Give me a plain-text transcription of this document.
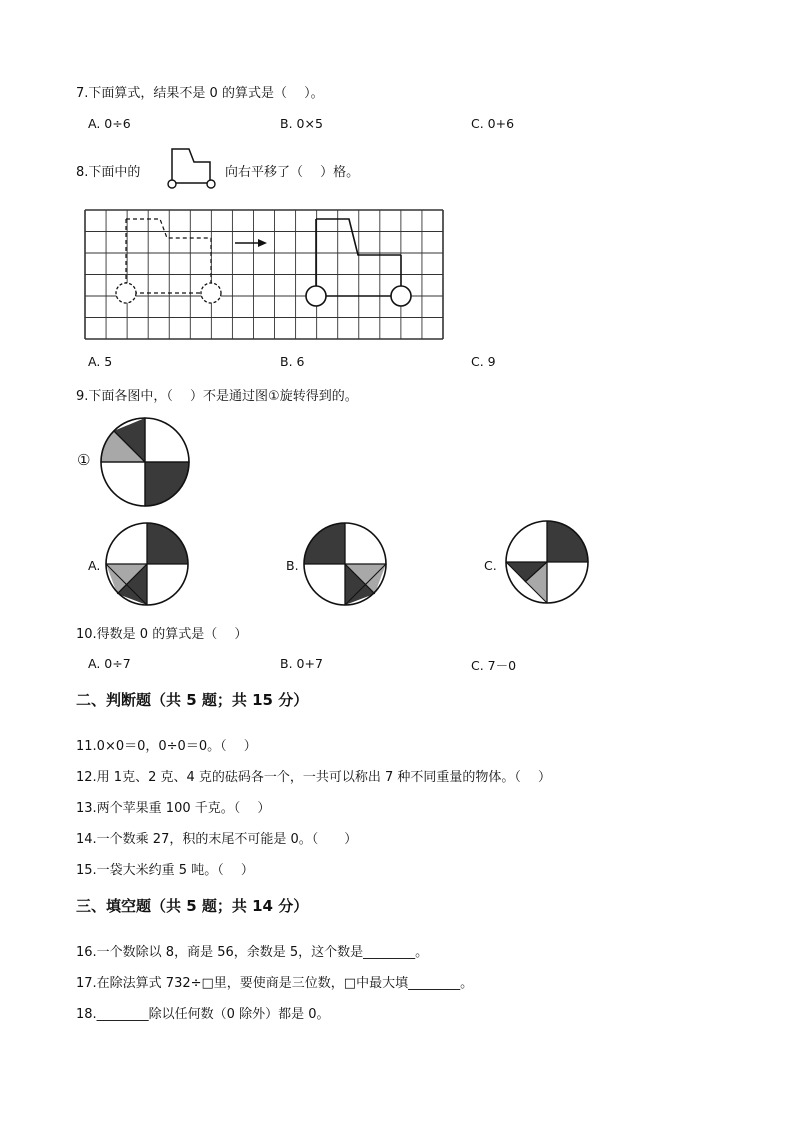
7.下面算式，结果不是 0 的算式是（　 ）。
A. 0÷6	B. 0×5	C. 0+6
8.下面中的	向右平移了（　 ）格。
A. 5	B. 6	C. 9
9.下面各图中，（　 ）不是通过图①旋转得到的。
①
A.	B.	C.
10.得数是 0 的算式是（　 ）
A. 0÷7	B. 0+7	C. 7－0
二、判断题（共 5 题；共 15 分）
11.0×0＝0，0÷0＝0。（　 ）
12.用 1克、2 克、4 克的砝码各一个，一共可以称出 7 种不同重量的物体。（　 ）
13.两个苹果重 100 千克。（　 ）
14.一个数乘 27，积的末尾不可能是 0。（　　）
15.一袋大米约重 5 吨。（　 ）
三、填空题（共 5 题；共 14 分）
16.一个数除以 8，商是 56，余数是 5，这个数是________。
17.在除法算式 732÷□里，要使商是三位数，□中最大填________。
18.________除以任何数（0 除外）都是 0。
